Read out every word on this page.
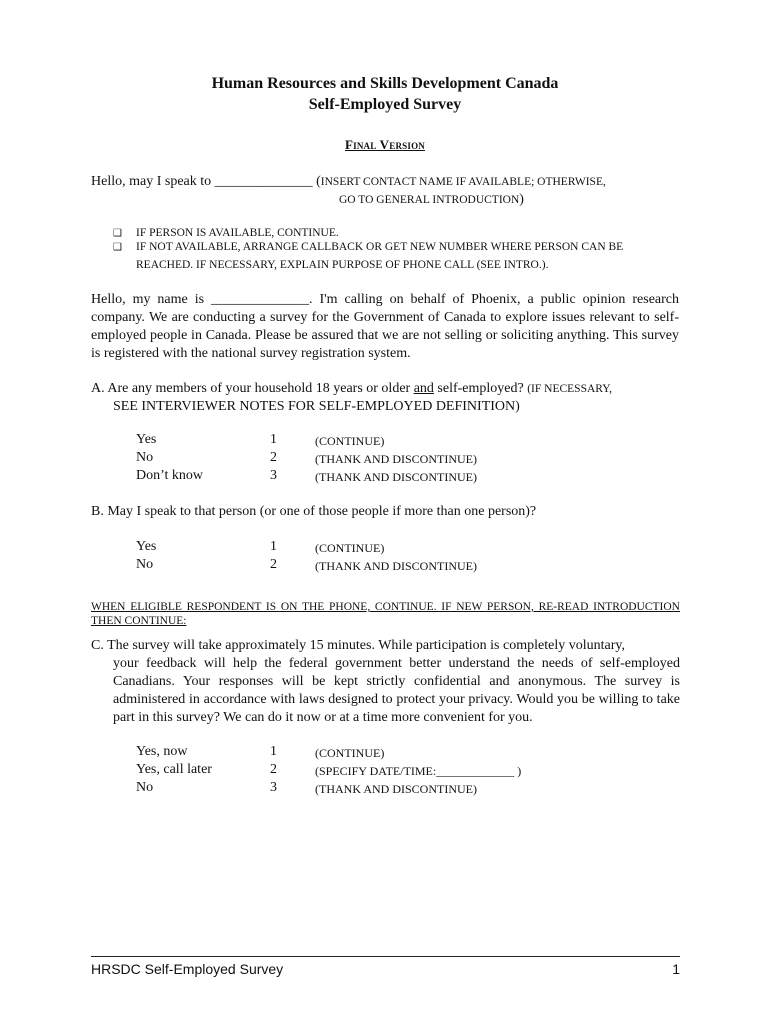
Human Resources and Skills Development Canada
Self-Employed Survey
Final Version
Hello, may I speak to ______________ (INSERT CONTACT NAME IF AVAILABLE; OTHERWISE,
GO TO GENERAL INTRODUCTION)
❑ IF PERSON IS AVAILABLE, CONTINUE.
❑ IF NOT AVAILABLE, ARRANGE CALLBACK OR GET NEW NUMBER WHERE PERSON CAN BE
REACHED. IF NECESSARY, EXPLAIN PURPOSE OF PHONE CALL (SEE INTRO.).
Hello, my name is ______________. I'm calling on behalf of Phoenix, a public opinion research company. We are conducting a survey for the Government of Canada to explore issues relevant to self-employed people in Canada. Please be assured that we are not selling or soliciting anything. This survey is registered with the national survey registration system.
A. Are any members of your household 18 years or older and self-employed? (IF NECESSARY,
SEE INTERVIEWER NOTES FOR SELF-EMPLOYED DEFINITION)
Yes	1	(CONTINUE)
No	2	(THANK AND DISCONTINUE)
Don’t know	3	(THANK AND DISCONTINUE)
B. May I speak to that person (or one of those people if more than one person)?
Yes	1	(CONTINUE)
No	2	(THANK AND DISCONTINUE)
WHEN ELIGIBLE RESPONDENT IS ON THE PHONE, CONTINUE. IF NEW PERSON, RE-READ INTRODUCTION THEN CONTINUE:
C. The survey will take approximately 15 minutes. While participation is completely voluntary,
your feedback will help the federal government better understand the needs of self-employed Canadians. Your responses will be kept strictly confidential and anonymous. The survey is administered in accordance with laws designed to protect your privacy. Would you be willing to take part in this survey? We can do it now or at a time more convenient for you.
Yes, now	1	(CONTINUE)
Yes, call later	2	(SPECIFY DATE/TIME:_____________ )
No	3	(THANK AND DISCONTINUE)
HRSDC Self-Employed Survey	1
